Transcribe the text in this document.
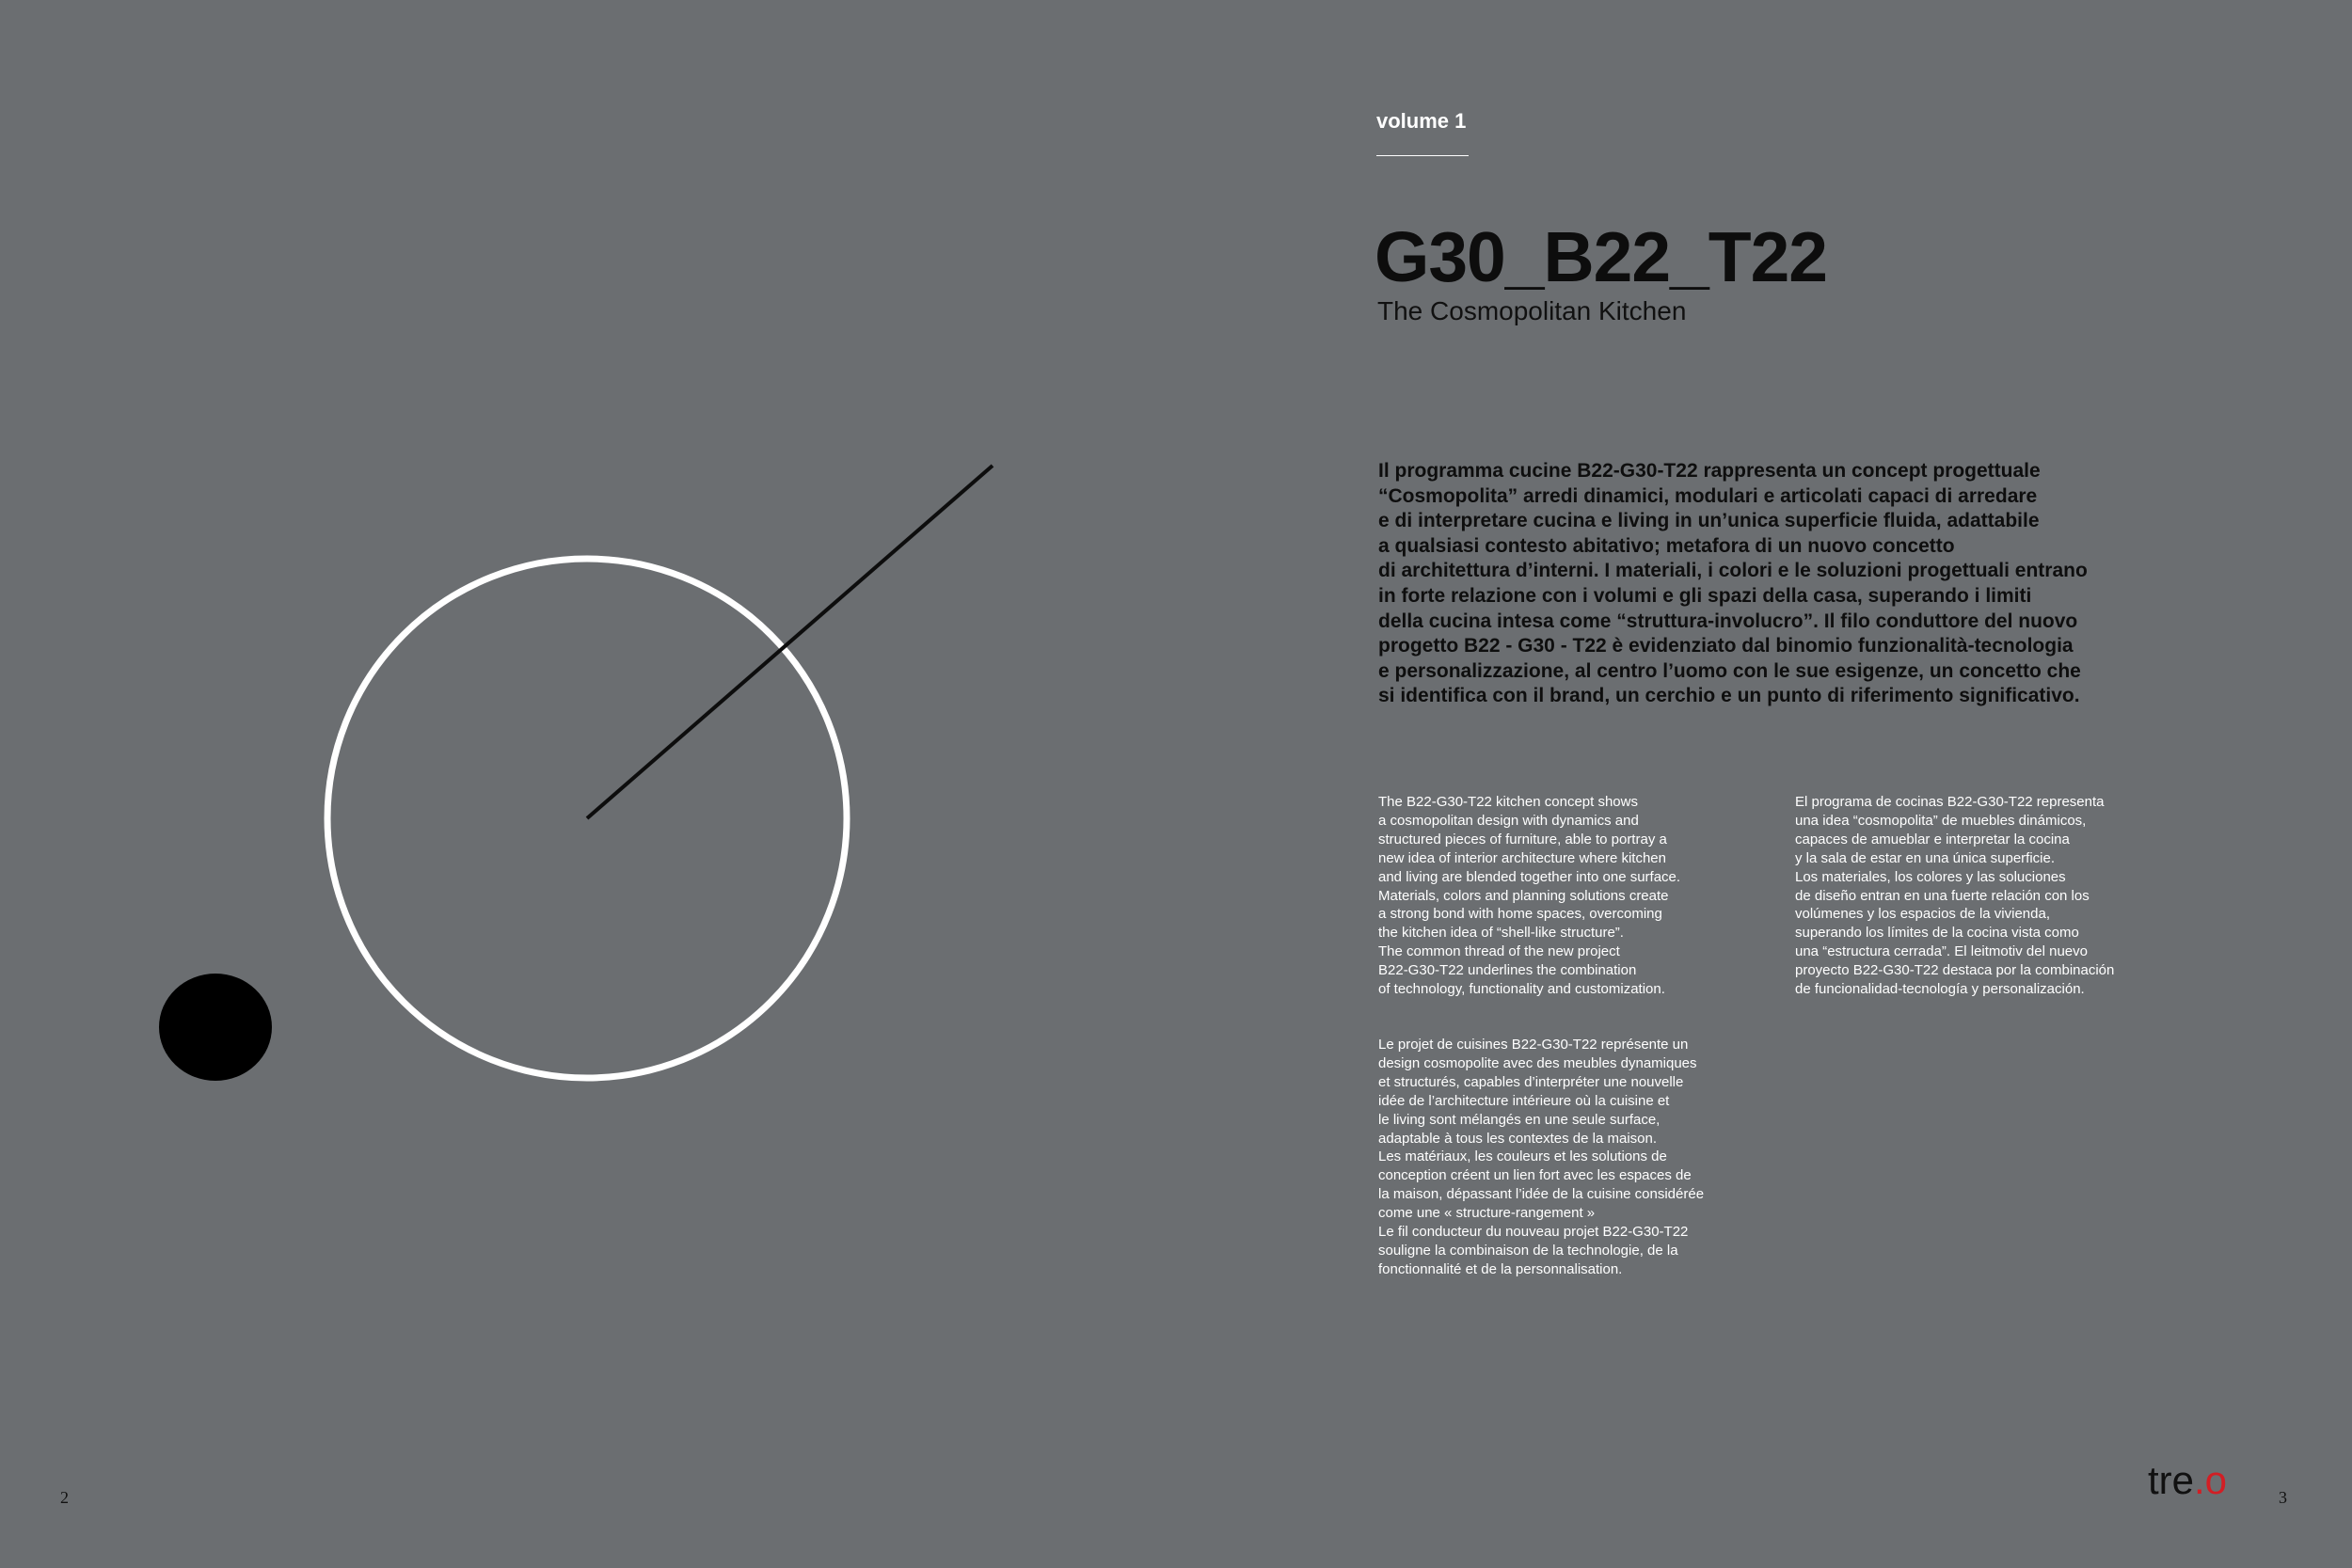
2
volume 1
G30_B22_T22
The Cosmopolitan Kitchen

Il programma cucine B22-G30-T22 rappresenta un concept progettuale
“Cosmopolita” arredi dinamici, modulari e articolati capaci di arredare
e di interpretare cucina e living in un’unica superficie fluida, adattabile
a qualsiasi contesto abitativo; metafora di un nuovo concetto
di architettura d’interni. I materiali, i colori e le soluzioni progettuali entrano
in forte relazione con i volumi e gli spazi della casa, superando i limiti
della cucina intesa come “struttura-involucro”. Il filo conduttore del nuovo
progetto B22 - G30 - T22 è evidenziato dal binomio funzionalità-tecnologia
e personalizzazione, al centro l’uomo con le sue esigenze, un concetto che
si identifica con il brand, un cerchio e un punto di riferimento significativo.

The B22-G30-T22 kitchen concept shows
a cosmopolitan design with dynamics and
structured pieces of furniture, able to portray a
new idea of interior architecture where kitchen
and living are blended together into one surface.
Materials, colors and planning solutions create
a strong bond with home spaces, overcoming
the kitchen idea of “shell-like structure”.
The common thread of the new project
B22-G30-T22 underlines the combination
of technology, functionality and customization.

El programa de cocinas B22-G30-T22 representa
una idea “cosmopolita” de muebles dinámicos,
capaces de amueblar e interpretar la cocina
y la sala de estar en una única superficie.
Los materiales, los colores y las soluciones
de diseño entran en una fuerte relación con los
volúmenes y los espacios de la vivienda,
superando los límites de la cocina vista como
una “estructura cerrada”. El leitmotiv del nuevo
proyecto B22-G30-T22 destaca por la combinación
de funcionalidad-tecnología y personalización.

Le projet de cuisines B22-G30-T22 représente un
design cosmopolite avec des meubles dynamiques
et structurés, capables d’interpréter une nouvelle
idée de l’architecture intérieure où la cuisine et
le living sont mélangés en une seule surface,
adaptable à tous les contextes de la maison.
Les matériaux, les couleurs et les solutions de
conception créent un lien fort avec les espaces de
la maison, dépassant l’idée de la cuisine considérée
come une « structure-rangement »
Le fil conducteur du nouveau projet B22-G30-T22
souligne la combinaison de la technologie, de la
fonctionnalité et de la personnalisation.

tre.o	3
